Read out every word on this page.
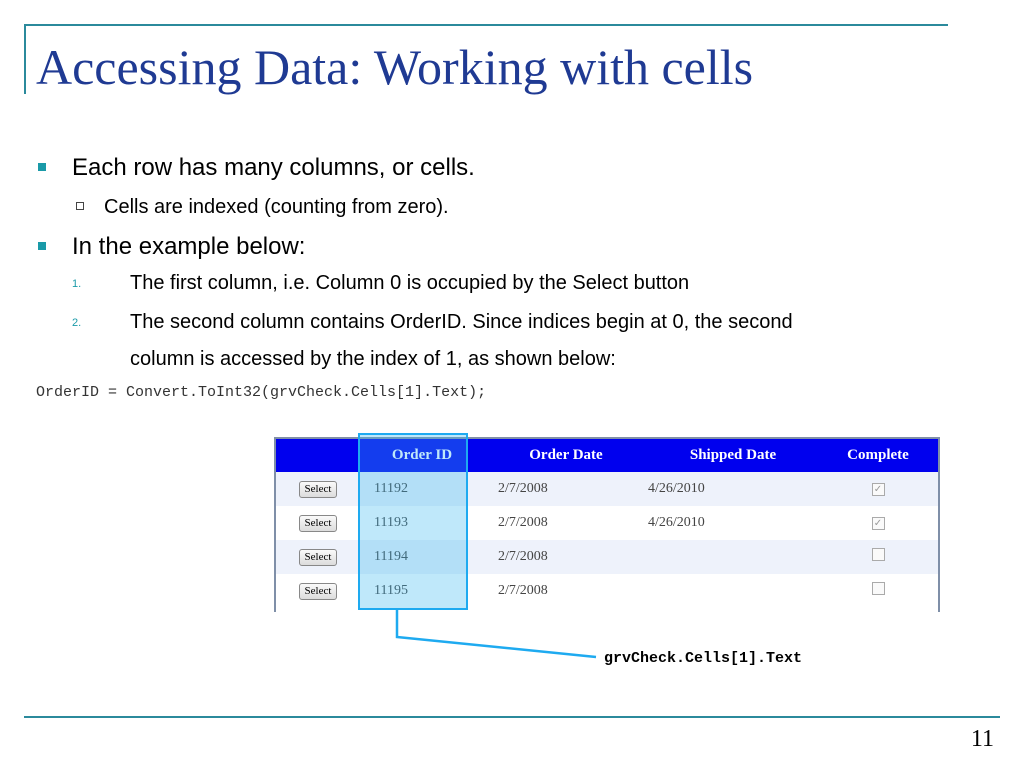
Accessing Data: Working with cells
Each row has many columns, or cells.
Cells are indexed (counting from zero).
In the example below:
1. The first column, i.e. Column 0 is occupied by the Select button
2. The second column contains OrderID. Since indices begin at 0, the second
column is accessed by the index of 1, as shown below:
OrderID = Convert.ToInt32(grvCheck.Cells[1].Text);
	Order ID	Order Date	Shipped Date	Complete
Select	11192	2/7/2008	4/26/2010	✓
Select	11193	2/7/2008	4/26/2010	✓
Select	11194	2/7/2008		
Select	11195	2/7/2008		
grvCheck.Cells[1].Text
11
